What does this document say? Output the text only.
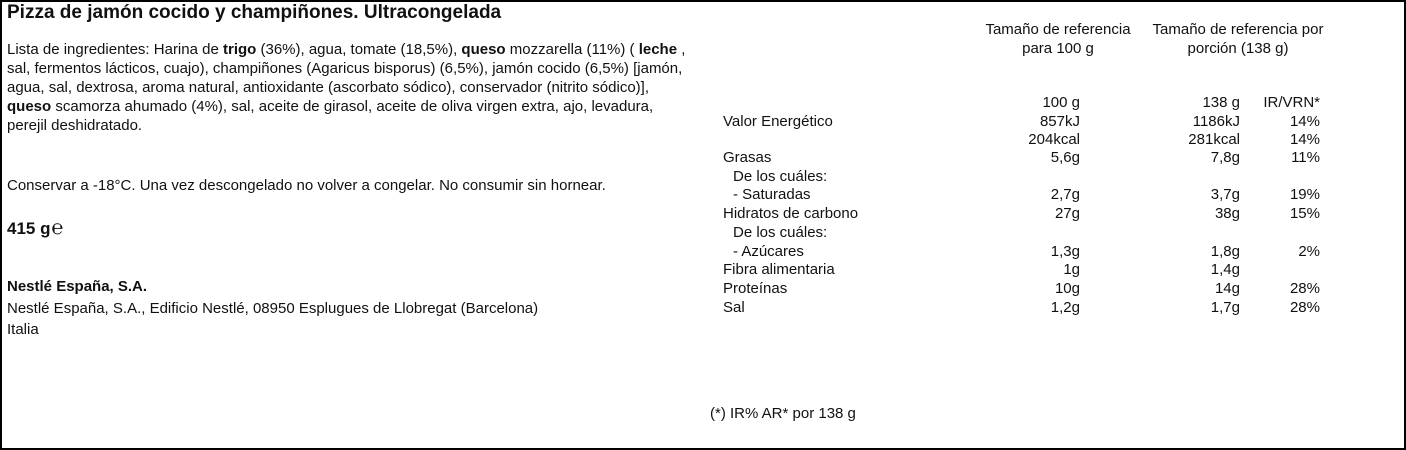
Pizza de jamón cocido y champiñones. Ultracongelada
Lista de ingredientes: Harina de trigo (36%), agua, tomate (18,5%), queso mozzarella (11%) ( leche , sal, fermentos lácticos, cuajo), champiñones (Agaricus bisporus) (6,5%), jamón cocido (6,5%) [jamón, agua, sal, dextrosa, aroma natural, antioxidante (ascorbato sódico), conservador (nitrito sódico)], queso scamorza ahumado (4%), sal, aceite de girasol, aceite de oliva virgen extra, ajo, levadura, perejil deshidratado.
Conservar a -18°C. Una vez descongelado no volver a congelar. No consumir sin hornear.
415 g℮
Nestlé España, S.A.
Nestlé España, S.A., Edificio Nestlé, 08950 Esplugues de Llobregat (Barcelona)
Italia
Tamaño de referencia
para 100 g
Tamaño de referencia por
porción (138 g)
100 g	138 g	IR/VRN*
Valor Energético	857kJ	1186kJ	14%
204kcal	281kcal	14%
Grasas	5,6g	7,8g	11%
De los cuáles:
- Saturadas	2,7g	3,7g	19%
Hidratos de carbono	27g	38g	15%
De los cuáles:
- Azúcares	1,3g	1,8g	2%
Fibra alimentaria	1g	1,4g
Proteínas	10g	14g	28%
Sal	1,2g	1,7g	28%
(*) IR% AR* por 138 g
